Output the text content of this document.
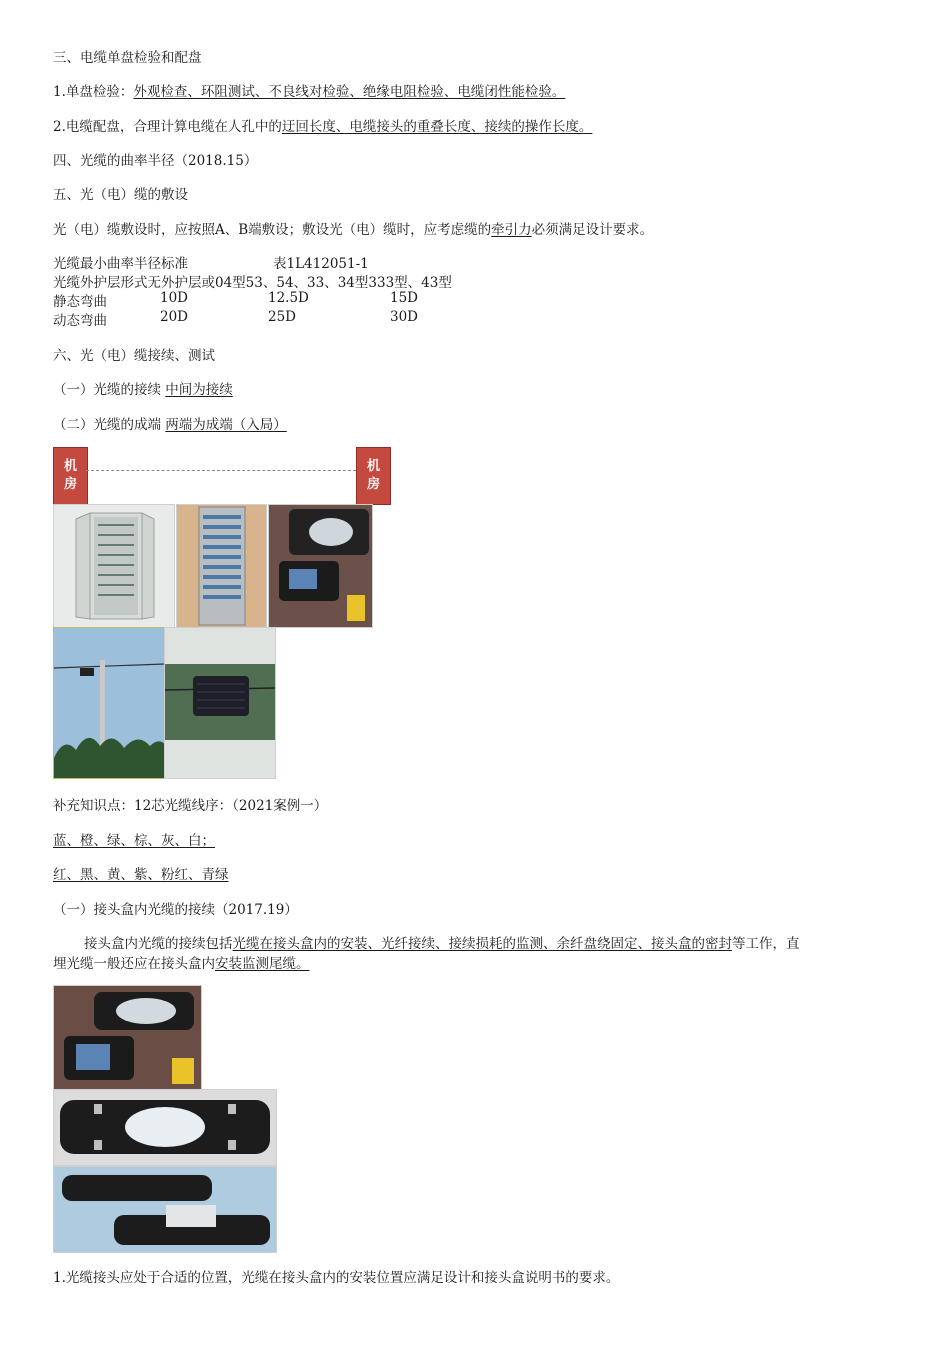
三、电缆单盘检验和配盘
1.单盘检验：外观检查、环阻测试、不良线对检验、绝缘电阻检验、电缆闭性能检验。
2.电缆配盘，合理计算电缆在人孔中的迂回长度、电缆接头的重叠长度、接续的操作长度。
四、光缆的曲率半径（2018.15）
五、光（电）缆的敷设
光（电）缆敷设时，应按照A、B端敷设；敷设光（电）缆时，应考虑缆的牵引力必须满足设计要求。
光缆最小曲率半径标准	表1L412051-1
光缆外护层形式无外护层或04型53、54、33、34型333型、43型
静态弯曲	10D	12.5D	15D
动态弯曲	20D	25D	30D
六、光（电）缆接续、测试
（一）光缆的接续 中间为接续
（二）光缆的成端 两端为成端（入局）
机
房
机
房
补充知识点：12芯光缆线序：（2021案例一）
蓝、橙、绿、棕、灰、白；
红、黑、黄、紫、粉红、青绿
（一）接头盒内光缆的接续（2017.19）
接头盒内光缆的接续包括光缆在接头盒内的安装、光纤接续、接续损耗的监测、余纤盘绕固定、接头盒的密封等工作，直
埋光缆一般还应在接头盒内安装监测尾缆。
1.光缆接头应处于合适的位置，光缆在接头盒内的安装位置应满足设计和接头盒说明书的要求。
